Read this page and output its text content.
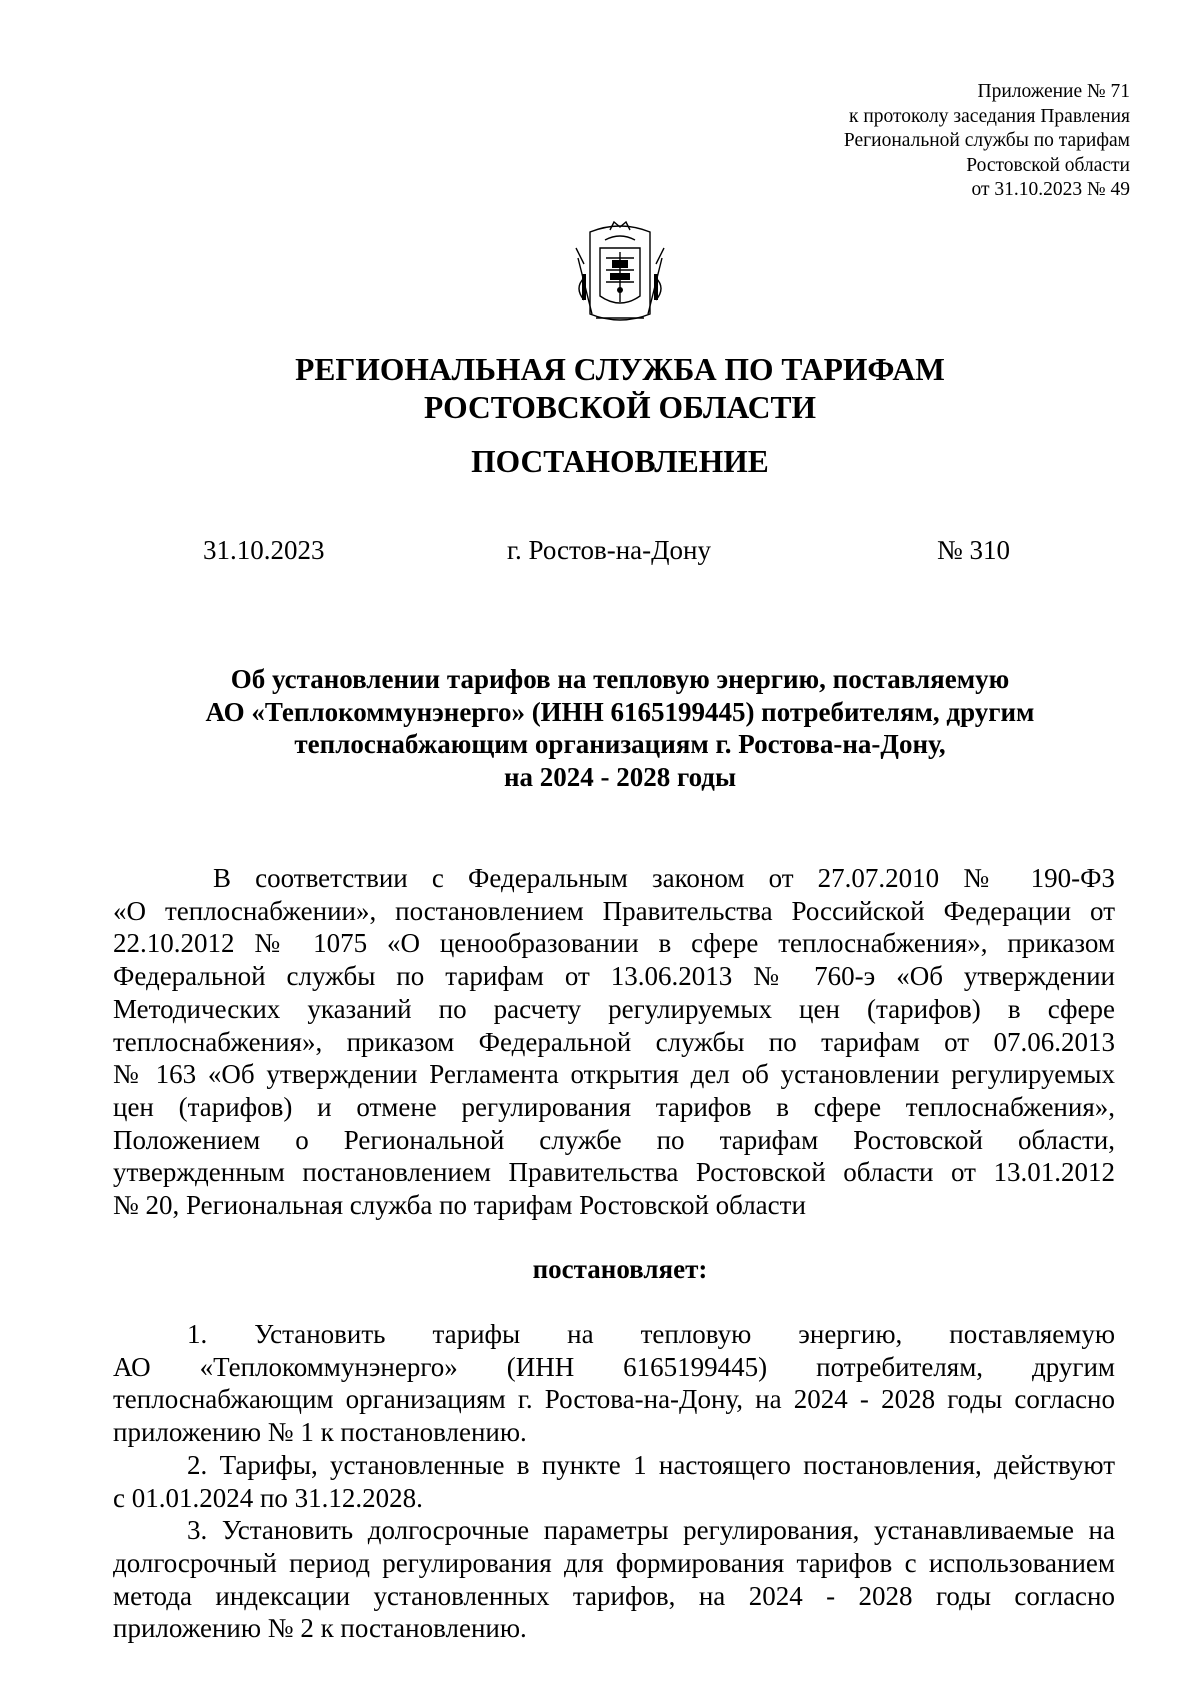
Приложение № 71
к протоколу заседания Правления
Региональной службы по тарифам
Ростовской области
от 31.10.2023 № 49
РЕГИОНАЛЬНАЯ СЛУЖБА ПО ТАРИФАМ
РОСТОВСКОЙ ОБЛАСТИ
ПОСТАНОВЛЕНИЕ
31.10.2023	г. Ростов-на-Дону	№ 310
Об установлении тарифов на тепловую энергию, поставляемую
АО «Теплокоммунэнерго» (ИНН 6165199445) потребителям, другим
теплоснабжающим организациям г. Ростова-на-Дону,
на 2024 - 2028 годы
В соответствии с Федеральным законом от 27.07.2010 № 190-ФЗ
«О теплоснабжении», постановлением Правительства Российской Федерации от
22.10.2012 № 1075 «О ценообразовании в сфере теплоснабжения», приказом
Федеральной службы по тарифам от 13.06.2013 № 760-э «Об утверждении
Методических указаний по расчету регулируемых цен (тарифов) в сфере
теплоснабжения», приказом Федеральной службы по тарифам от 07.06.2013
№ 163 «Об утверждении Регламента открытия дел об установлении регулируемых
цен (тарифов) и отмене регулирования тарифов в сфере теплоснабжения»,
Положением о Региональной службе по тарифам Ростовской области,
утвержденным постановлением Правительства Ростовской области от 13.01.2012
№ 20, Региональная служба по тарифам Ростовской области
постановляет:
1. Установить тарифы на тепловую энергию, поставляемую
АО «Теплокоммунэнерго» (ИНН 6165199445) потребителям, другим
теплоснабжающим организациям г. Ростова-на-Дону, на 2024 - 2028 годы согласно
приложению № 1 к постановлению.
2. Тарифы, установленные в пункте 1 настоящего постановления, действуют
с 01.01.2024 по 31.12.2028.
3. Установить долгосрочные параметры регулирования, устанавливаемые на
долгосрочный период регулирования для формирования тарифов с использованием
метода индексации установленных тарифов, на 2024 - 2028 годы согласно
приложению № 2 к постановлению.
